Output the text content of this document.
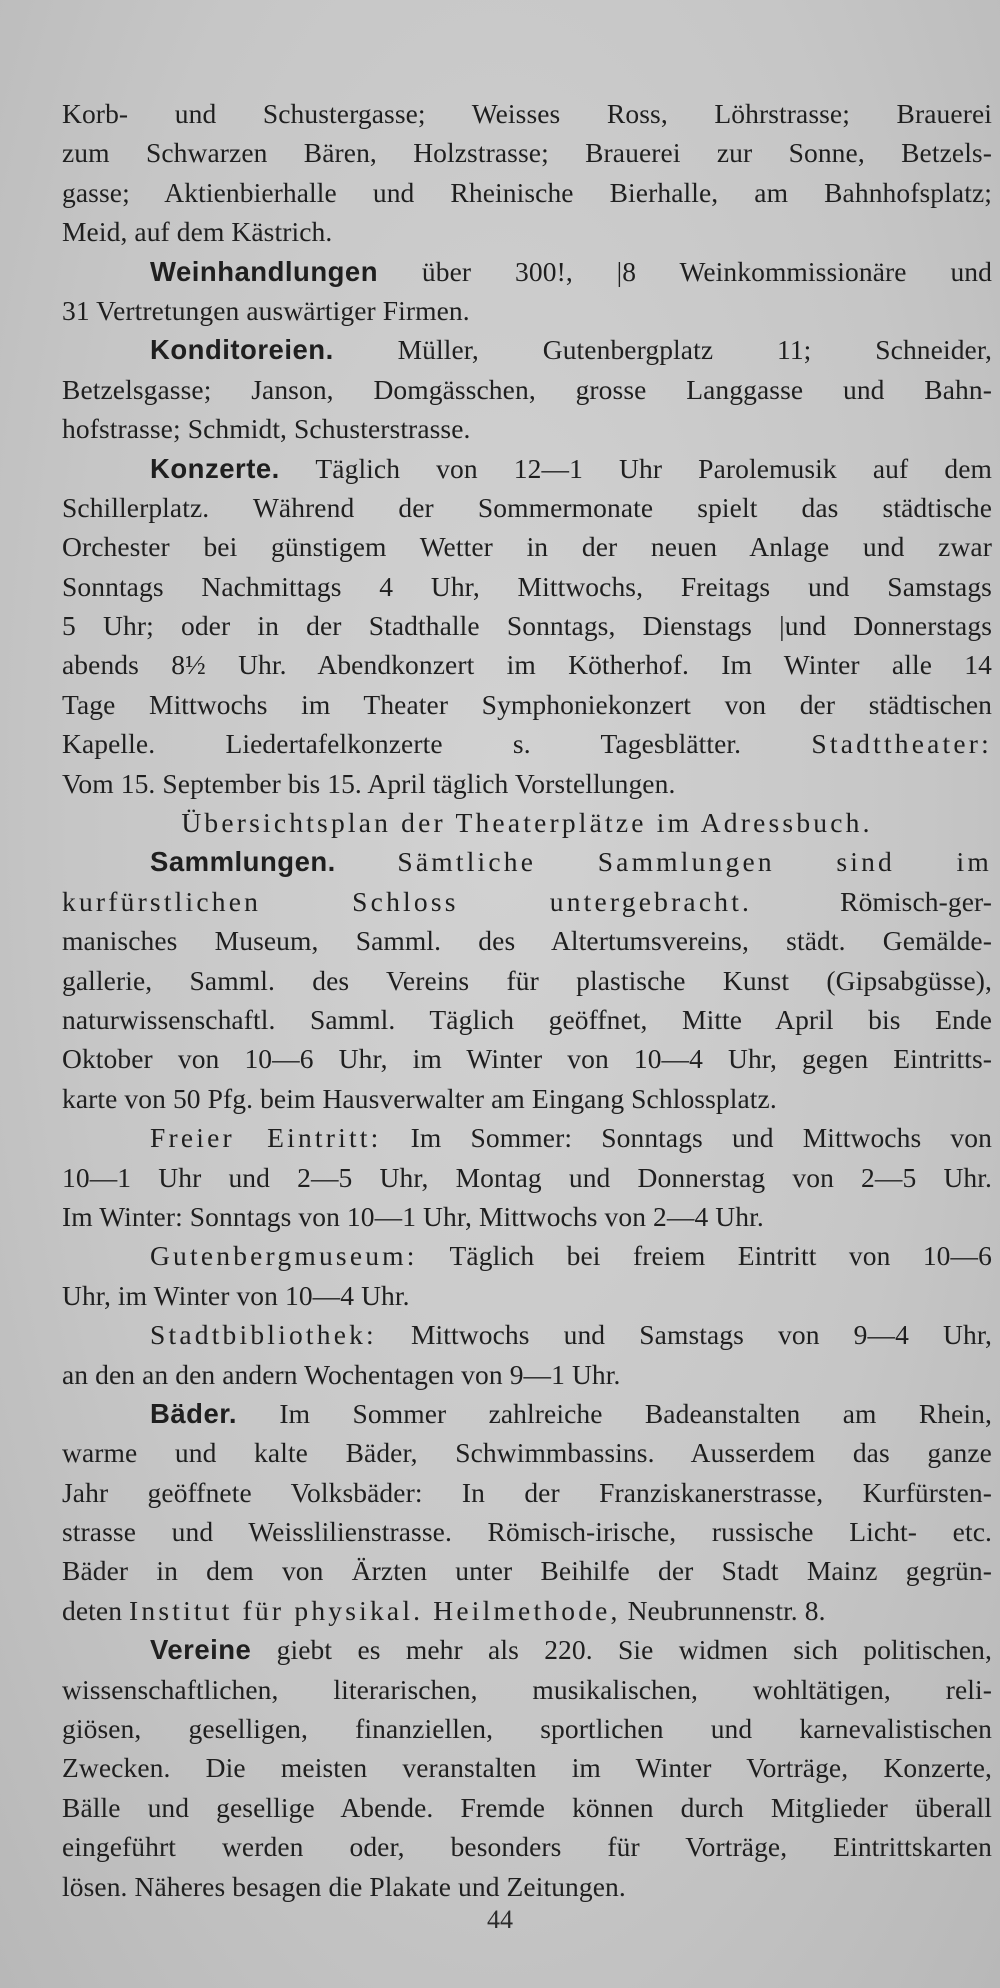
Korb- und Schustergasse; Weisses Ross, Löhrstrasse; Brauerei
zum Schwarzen Bären, Holzstrasse; Brauerei zur Sonne, Betzels-
gasse; Aktienbierhalle und Rheinische Bierhalle, am Bahnhofsplatz;
Meid, auf dem Kästrich.
Weinhandlungen über 300!, |8 Weinkommissionäre und
31 Vertretungen auswärtiger Firmen.
Konditoreien. Müller, Gutenbergplatz 11; Schneider,
Betzelsgasse; Janson, Domgässchen, grosse Langgasse und Bahn-
hofstrasse; Schmidt, Schusterstrasse.
Konzerte. Täglich von 12—1 Uhr Parolemusik auf dem
Schillerplatz. Während der Sommermonate spielt das städtische
Orchester bei günstigem Wetter in der neuen Anlage und zwar
Sonntags Nachmittags 4 Uhr, Mittwochs, Freitags und Samstags
5 Uhr; oder in der Stadthalle Sonntags, Dienstags |und Donnerstags
abends 8½ Uhr. Abendkonzert im Kötherhof. Im Winter alle 14
Tage Mittwochs im Theater Symphoniekonzert von der städtischen
Kapelle. Liedertafelkonzerte s. Tagesblätter. Stadttheater:
Vom 15. September bis 15. April täglich Vorstellungen.
Übersichtsplan der Theaterplätze im Adressbuch.
Sammlungen. Sämtliche Sammlungen sind im
kurfürstlichen Schloss untergebracht. Römisch-ger-
manisches Museum, Samml. des Altertumsvereins, städt. Gemälde-
gallerie, Samml. des Vereins für plastische Kunst (Gipsabgüsse),
naturwissenschaftl. Samml. Täglich geöffnet, Mitte April bis Ende
Oktober von 10—6 Uhr, im Winter von 10—4 Uhr, gegen Eintritts-
karte von 50 Pfg. beim Hausverwalter am Eingang Schlossplatz.
Freier Eintritt: Im Sommer: Sonntags und Mittwochs von
10—1 Uhr und 2—5 Uhr, Montag und Donnerstag von 2—5 Uhr.
Im Winter: Sonntags von 10—1 Uhr, Mittwochs von 2—4 Uhr.
Gutenbergmuseum: Täglich bei freiem Eintritt von 10—6
Uhr, im Winter von 10—4 Uhr.
Stadtbibliothek: Mittwochs und Samstags von 9—4 Uhr,
an den an den andern Wochentagen von 9—1 Uhr.
Bäder. Im Sommer zahlreiche Badeanstalten am Rhein,
warme und kalte Bäder, Schwimmbassins. Ausserdem das ganze
Jahr geöffnete Volksbäder: In der Franziskanerstrasse, Kurfürsten-
strasse und Weisslilienstrasse. Römisch-irische, russische Licht- etc.
Bäder in dem von Ärzten unter Beihilfe der Stadt Mainz gegrün-
deten Institut für physikal. Heilmethode, Neubrunnenstr. 8.
Vereine giebt es mehr als 220. Sie widmen sich politischen,
wissenschaftlichen, literarischen, musikalischen, wohltätigen, reli-
giösen, geselligen, finanziellen, sportlichen und karnevalistischen
Zwecken. Die meisten veranstalten im Winter Vorträge, Konzerte,
Bälle und gesellige Abende. Fremde können durch Mitglieder überall
eingeführt werden oder, besonders für Vorträge, Eintrittskarten
lösen. Näheres besagen die Plakate und Zeitungen.
44
